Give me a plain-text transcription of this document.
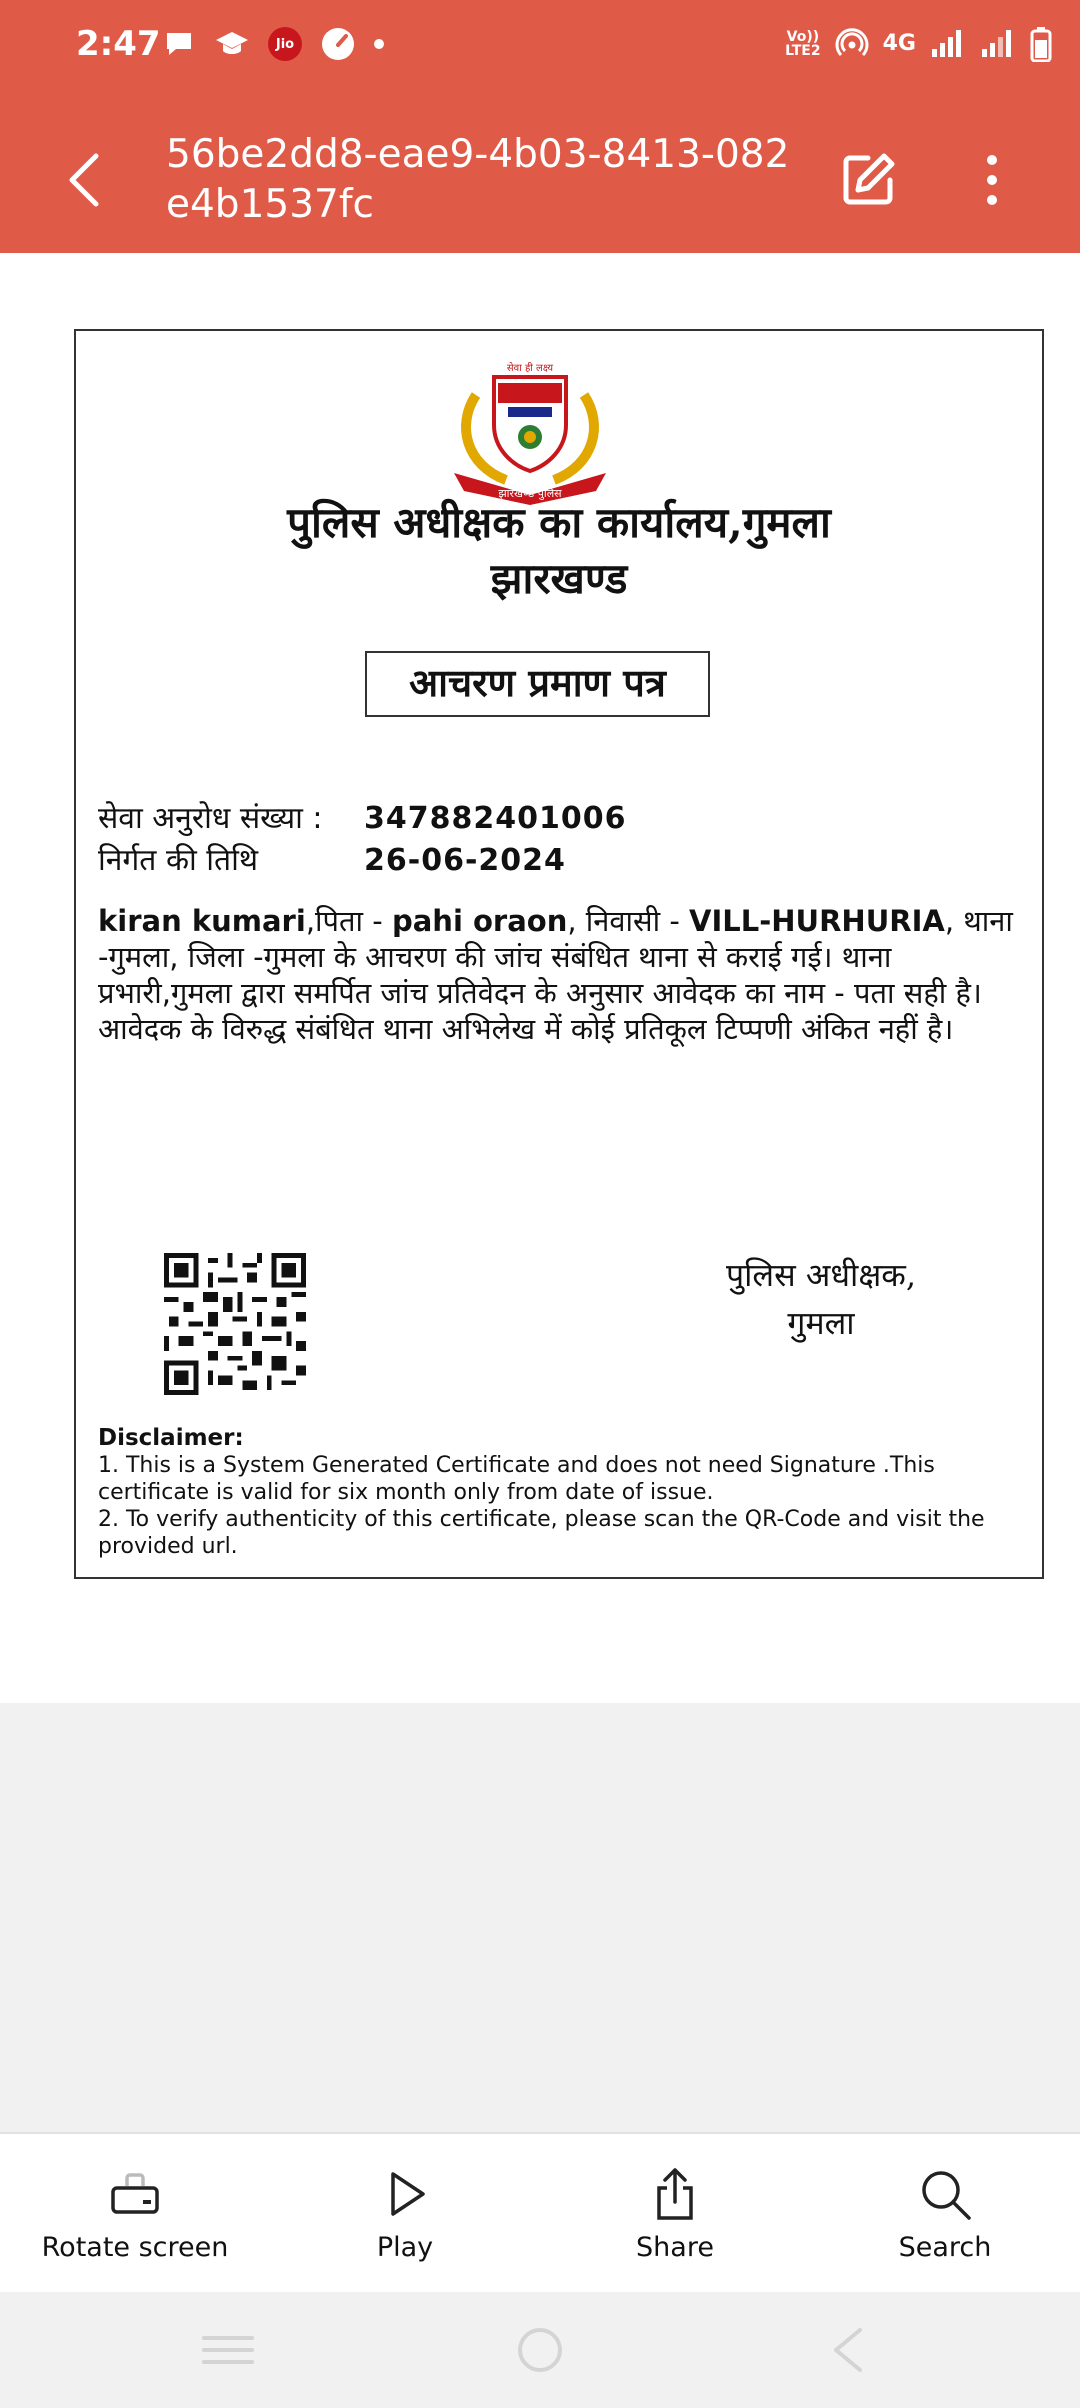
2:47	Jio	Vo))
LTE2	4G
56be2dd8-eae9-4b03-8413-082e4b1537fc
सेवा ही लक्ष्य
झारखण्ड पुलिस
पुलिस अधीक्षक का कार्यालय,गुमला
झारखण्ड
आचरण प्रमाण पत्र
सेवा अनुरोध संख्या : 347882401006
निर्गत की तिथि	26-06-2024
kiran kumari,पिता - pahi oraon, निवासी - VILL-HURHURIA, थाना -गुमला, जिला -गुमला के आचरण की जांच संबंधित थाना से कराई गई। थाना प्रभारी,गुमला द्वारा समर्पित जांच प्रतिवेदन के अनुसार आवेदक का नाम - पता सही है। आवेदक के विरुद्ध संबंधित थाना अभिलेख में कोई प्रतिकूल टिप्पणी अंकित नहीं है।
पुलिस अधीक्षक,
गुमला
Disclaimer:
1. This is a System Generated Certificate and does not need Signature .This certificate is valid for six month only from date of issue.
2. To verify authenticity of this certificate, please scan the QR-Code and visit the provided url.
Rotate screen	Play	Share	Search
